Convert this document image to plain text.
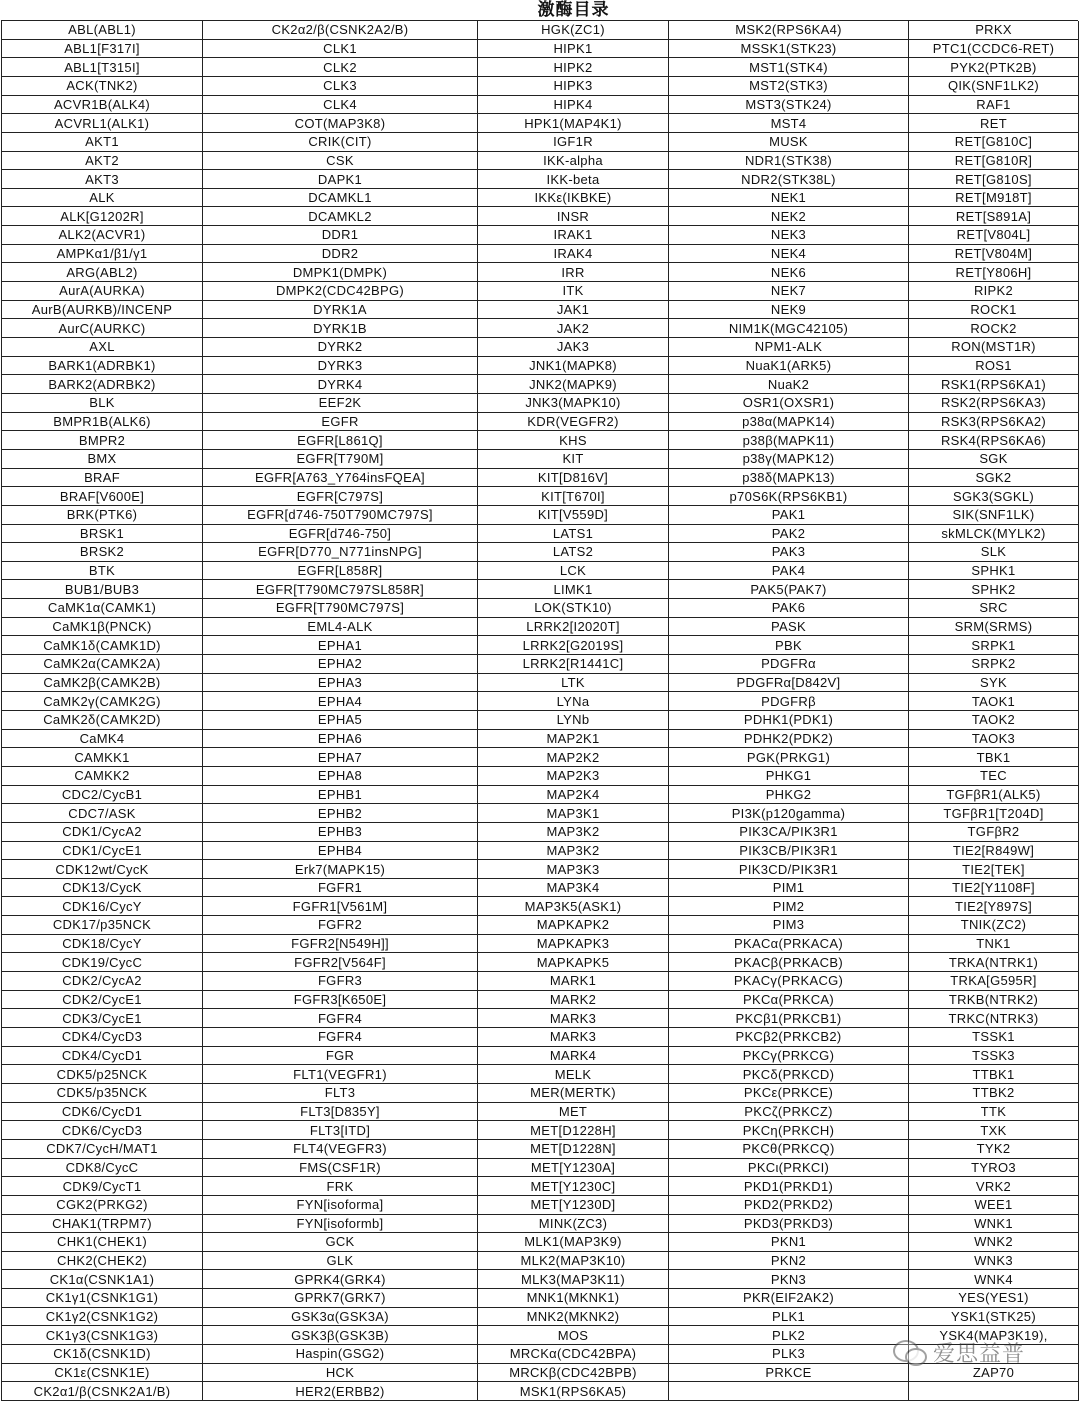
激酶目录
ABL(ABL1)	CK2α2/β(CSNK2A2/B)	HGK(ZC1)	MSK2(RPS6KA4)	PRKX
ABL1[F317I]	CLK1	HIPK1	MSSK1(STK23)	PTC1(CCDC6-RET)
ABL1[T315I]	CLK2	HIPK2	MST1(STK4)	PYK2(PTK2B)
ACK(TNK2)	CLK3	HIPK3	MST2(STK3)	QIK(SNF1LK2)
ACVR1B(ALK4)	CLK4	HIPK4	MST3(STK24)	RAF1
ACVRL1(ALK1)	COT(MAP3K8)	HPK1(MAP4K1)	MST4	RET
AKT1	CRIK(CIT)	IGF1R	MUSK	RET[G810C]
AKT2	CSK	IKK-alpha	NDR1(STK38)	RET[G810R]
AKT3	DAPK1	IKK-beta	NDR2(STK38L)	RET[G810S]
ALK	DCAMKL1	IKKε(IKBKE)	NEK1	RET[M918T]
ALK[G1202R]	DCAMKL2	INSR	NEK2	RET[S891A]
ALK2(ACVR1)	DDR1	IRAK1	NEK3	RET[V804L]
AMPKα1/β1/γ1	DDR2	IRAK4	NEK4	RET[V804M]
ARG(ABL2)	DMPK1(DMPK)	IRR	NEK6	RET[Y806H]
AurA(AURKA)	DMPK2(CDC42BPG)	ITK	NEK7	RIPK2
AurB(AURKB)/INCENP	DYRK1A	JAK1	NEK9	ROCK1
AurC(AURKC)	DYRK1B	JAK2	NIM1K(MGC42105)	ROCK2
AXL	DYRK2	JAK3	NPM1-ALK	RON(MST1R)
BARK1(ADRBK1)	DYRK3	JNK1(MAPK8)	NuaK1(ARK5)	ROS1
BARK2(ADRBK2)	DYRK4	JNK2(MAPK9)	NuaK2	RSK1(RPS6KA1)
BLK	EEF2K	JNK3(MAPK10)	OSR1(OXSR1)	RSK2(RPS6KA3)
BMPR1B(ALK6)	EGFR	KDR(VEGFR2)	p38α(MAPK14)	RSK3(RPS6KA2)
BMPR2	EGFR[L861Q]	KHS	p38β(MAPK11)	RSK4(RPS6KA6)
BMX	EGFR[T790M]	KIT	p38γ(MAPK12)	SGK
BRAF	EGFR[A763_Y764insFQEA]	KIT[D816V]	p38δ(MAPK13)	SGK2
BRAF[V600E]	EGFR[C797S]	KIT[T670I]	p70S6K(RPS6KB1)	SGK3(SGKL)
BRK(PTK6)	EGFR[d746-750T790MC797S]	KIT[V559D]	PAK1	SIK(SNF1LK)
BRSK1	EGFR[d746-750]	LATS1	PAK2	skMLCK(MYLK2)
BRSK2	EGFR[D770_N771insNPG]	LATS2	PAK3	SLK
BTK	EGFR[L858R]	LCK	PAK4	SPHK1
BUB1/BUB3	EGFR[T790MC797SL858R]	LIMK1	PAK5(PAK7)	SPHK2
CaMK1α(CAMK1)	EGFR[T790MC797S]	LOK(STK10)	PAK6	SRC
CaMK1β(PNCK)	EML4-ALK	LRRK2[I2020T]	PASK	SRM(SRMS)
CaMK1δ(CAMK1D)	EPHA1	LRRK2[G2019S]	PBK	SRPK1
CaMK2α(CAMK2A)	EPHA2	LRRK2[R1441C]	PDGFRα	SRPK2
CaMK2β(CAMK2B)	EPHA3	LTK	PDGFRα[D842V]	SYK
CaMK2γ(CAMK2G)	EPHA4	LYNa	PDGFRβ	TAOK1
CaMK2δ(CAMK2D)	EPHA5	LYNb	PDHK1(PDK1)	TAOK2
CaMK4	EPHA6	MAP2K1	PDHK2(PDK2)	TAOK3
CAMKK1	EPHA7	MAP2K2	PGK(PRKG1)	TBK1
CAMKK2	EPHA8	MAP2K3	PHKG1	TEC
CDC2/CycB1	EPHB1	MAP2K4	PHKG2	TGFβR1(ALK5)
CDC7/ASK	EPHB2	MAP3K1	PI3K(p120gamma)	TGFβR1[T204D]
CDK1/CycA2	EPHB3	MAP3K2	PIK3CA/PIK3R1	TGFβR2
CDK1/CycE1	EPHB4	MAP3K2	PIK3CB/PIK3R1	TIE2[R849W]
CDK12wt/CycK	Erk7(MAPK15)	MAP3K3	PIK3CD/PIK3R1	TIE2[TEK]
CDK13/CycK	FGFR1	MAP3K4	PIM1	TIE2[Y1108F]
CDK16/CycY	FGFR1[V561M]	MAP3K5(ASK1)	PIM2	TIE2[Y897S]
CDK17/p35NCK	FGFR2	MAPKAPK2	PIM3	TNIK(ZC2)
CDK18/CycY	FGFR2[N549H]]	MAPKAPK3	PKACα(PRKACA)	TNK1
CDK19/CycC	FGFR2[V564F]	MAPKAPK5	PKACβ(PRKACB)	TRKA(NTRK1)
CDK2/CycA2	FGFR3	MARK1	PKACγ(PRKACG)	TRKA[G595R]
CDK2/CycE1	FGFR3[K650E]	MARK2	PKCα(PRKCA)	TRKB(NTRK2)
CDK3/CycE1	FGFR4	MARK3	PKCβ1(PRKCB1)	TRKC(NTRK3)
CDK4/CycD3	FGFR4	MARK3	PKCβ2(PRKCB2)	TSSK1
CDK4/CycD1	FGR	MARK4	PKCγ(PRKCG)	TSSK3
CDK5/p25NCK	FLT1(VEGFR1)	MELK	PKCδ(PRKCD)	TTBK1
CDK5/p35NCK	FLT3	MER(MERTK)	PKCε(PRKCE)	TTBK2
CDK6/CycD1	FLT3[D835Y]	MET	PKCζ(PRKCZ)	TTK
CDK6/CycD3	FLT3[ITD]	MET[D1228H]	PKCη(PRKCH)	TXK
CDK7/CycH/MAT1	FLT4(VEGFR3)	MET[D1228N]	PKCθ(PRKCQ)	TYK2
CDK8/CycC	FMS(CSF1R)	MET[Y1230A]	PKCι(PRKCI)	TYRO3
CDK9/CycT1	FRK	MET[Y1230C]	PKD1(PRKD1)	VRK2
CGK2(PRKG2)	FYN[isoforma]	MET[Y1230D]	PKD2(PRKD2)	WEE1
CHAK1(TRPM7)	FYN[isoformb]	MINK(ZC3)	PKD3(PRKD3)	WNK1
CHK1(CHEK1)	GCK	MLK1(MAP3K9)	PKN1	WNK2
CHK2(CHEK2)	GLK	MLK2(MAP3K10)	PKN2	WNK3
CK1α(CSNK1A1)	GPRK4(GRK4)	MLK3(MAP3K11)	PKN3	WNK4
CK1γ1(CSNK1G1)	GPRK7(GRK7)	MNK1(MKNK1)	PKR(EIF2AK2)	YES(YES1)
CK1γ2(CSNK1G2)	GSK3α(GSK3A)	MNK2(MKNK2)	PLK1	YSK1(STK25)
CK1γ3(CSNK1G3)	GSK3β(GSK3B)	MOS	PLK2	YSK4(MAP3K19),
CK1δ(CSNK1D)	Haspin(GSG2)	MRCKα(CDC42BPA)	PLK3
CK1ε(CSNK1E)	HCK	MRCKβ(CDC42BPB)	PRKCE	ZAP70
CK2α1/β(CSNK2A1/B)	HER2(ERBB2)	MSK1(RPS6KA5)
爱思益普
